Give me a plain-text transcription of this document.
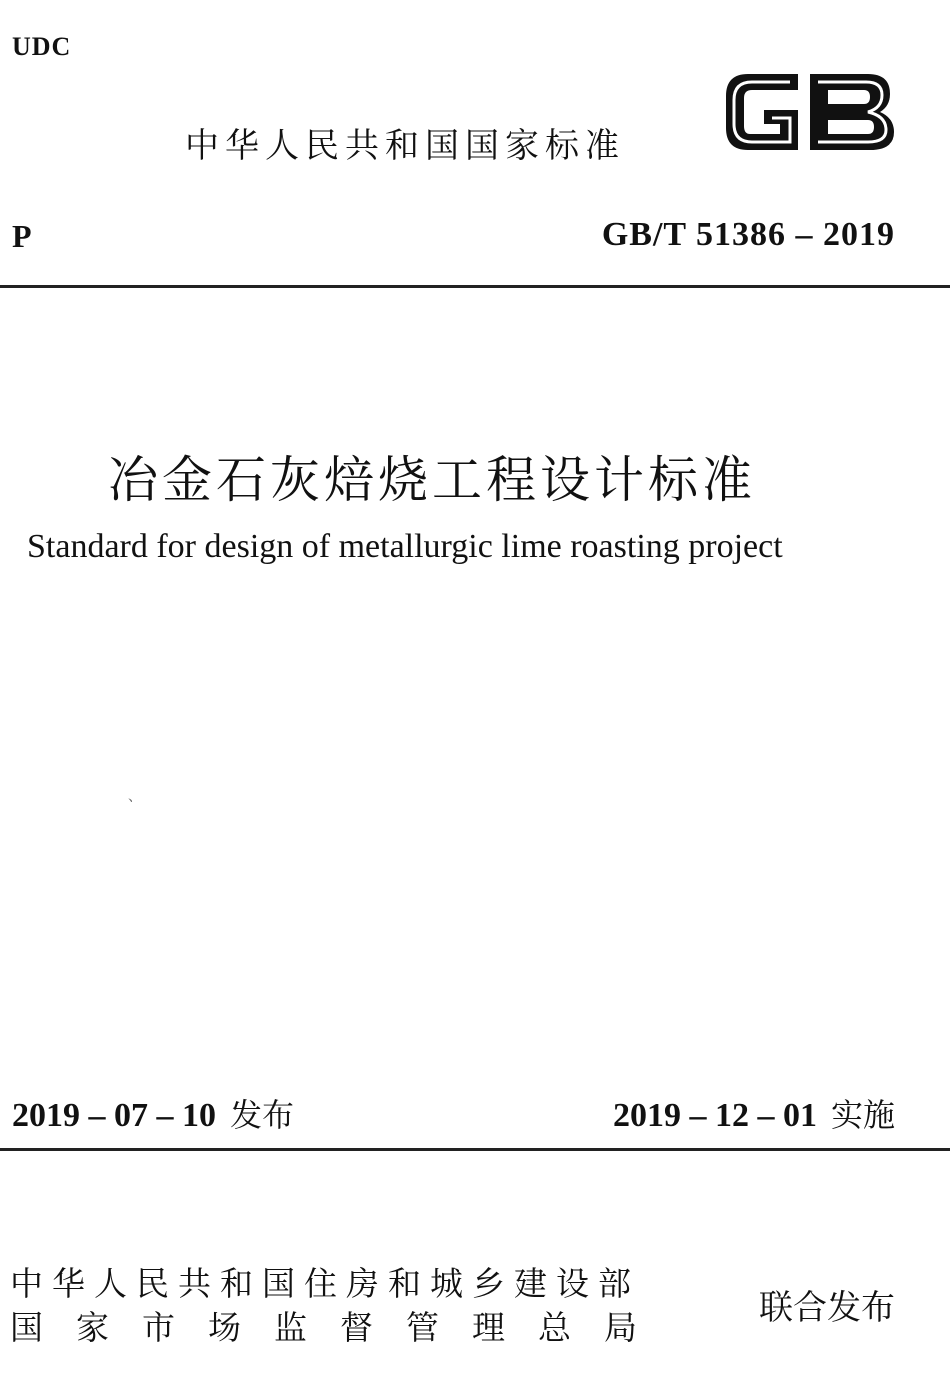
UDC
中华人民共和国国家标准
P	GB/T 51386 – 2019
冶金石灰焙烧工程设计标准
Standard for design of metallurgic lime roasting project
、
2019 – 07 – 10 发布	2019 – 12 – 01 实施
中华人民共和国住房和城乡建设部
国家市场监督管理总局	联合发布
